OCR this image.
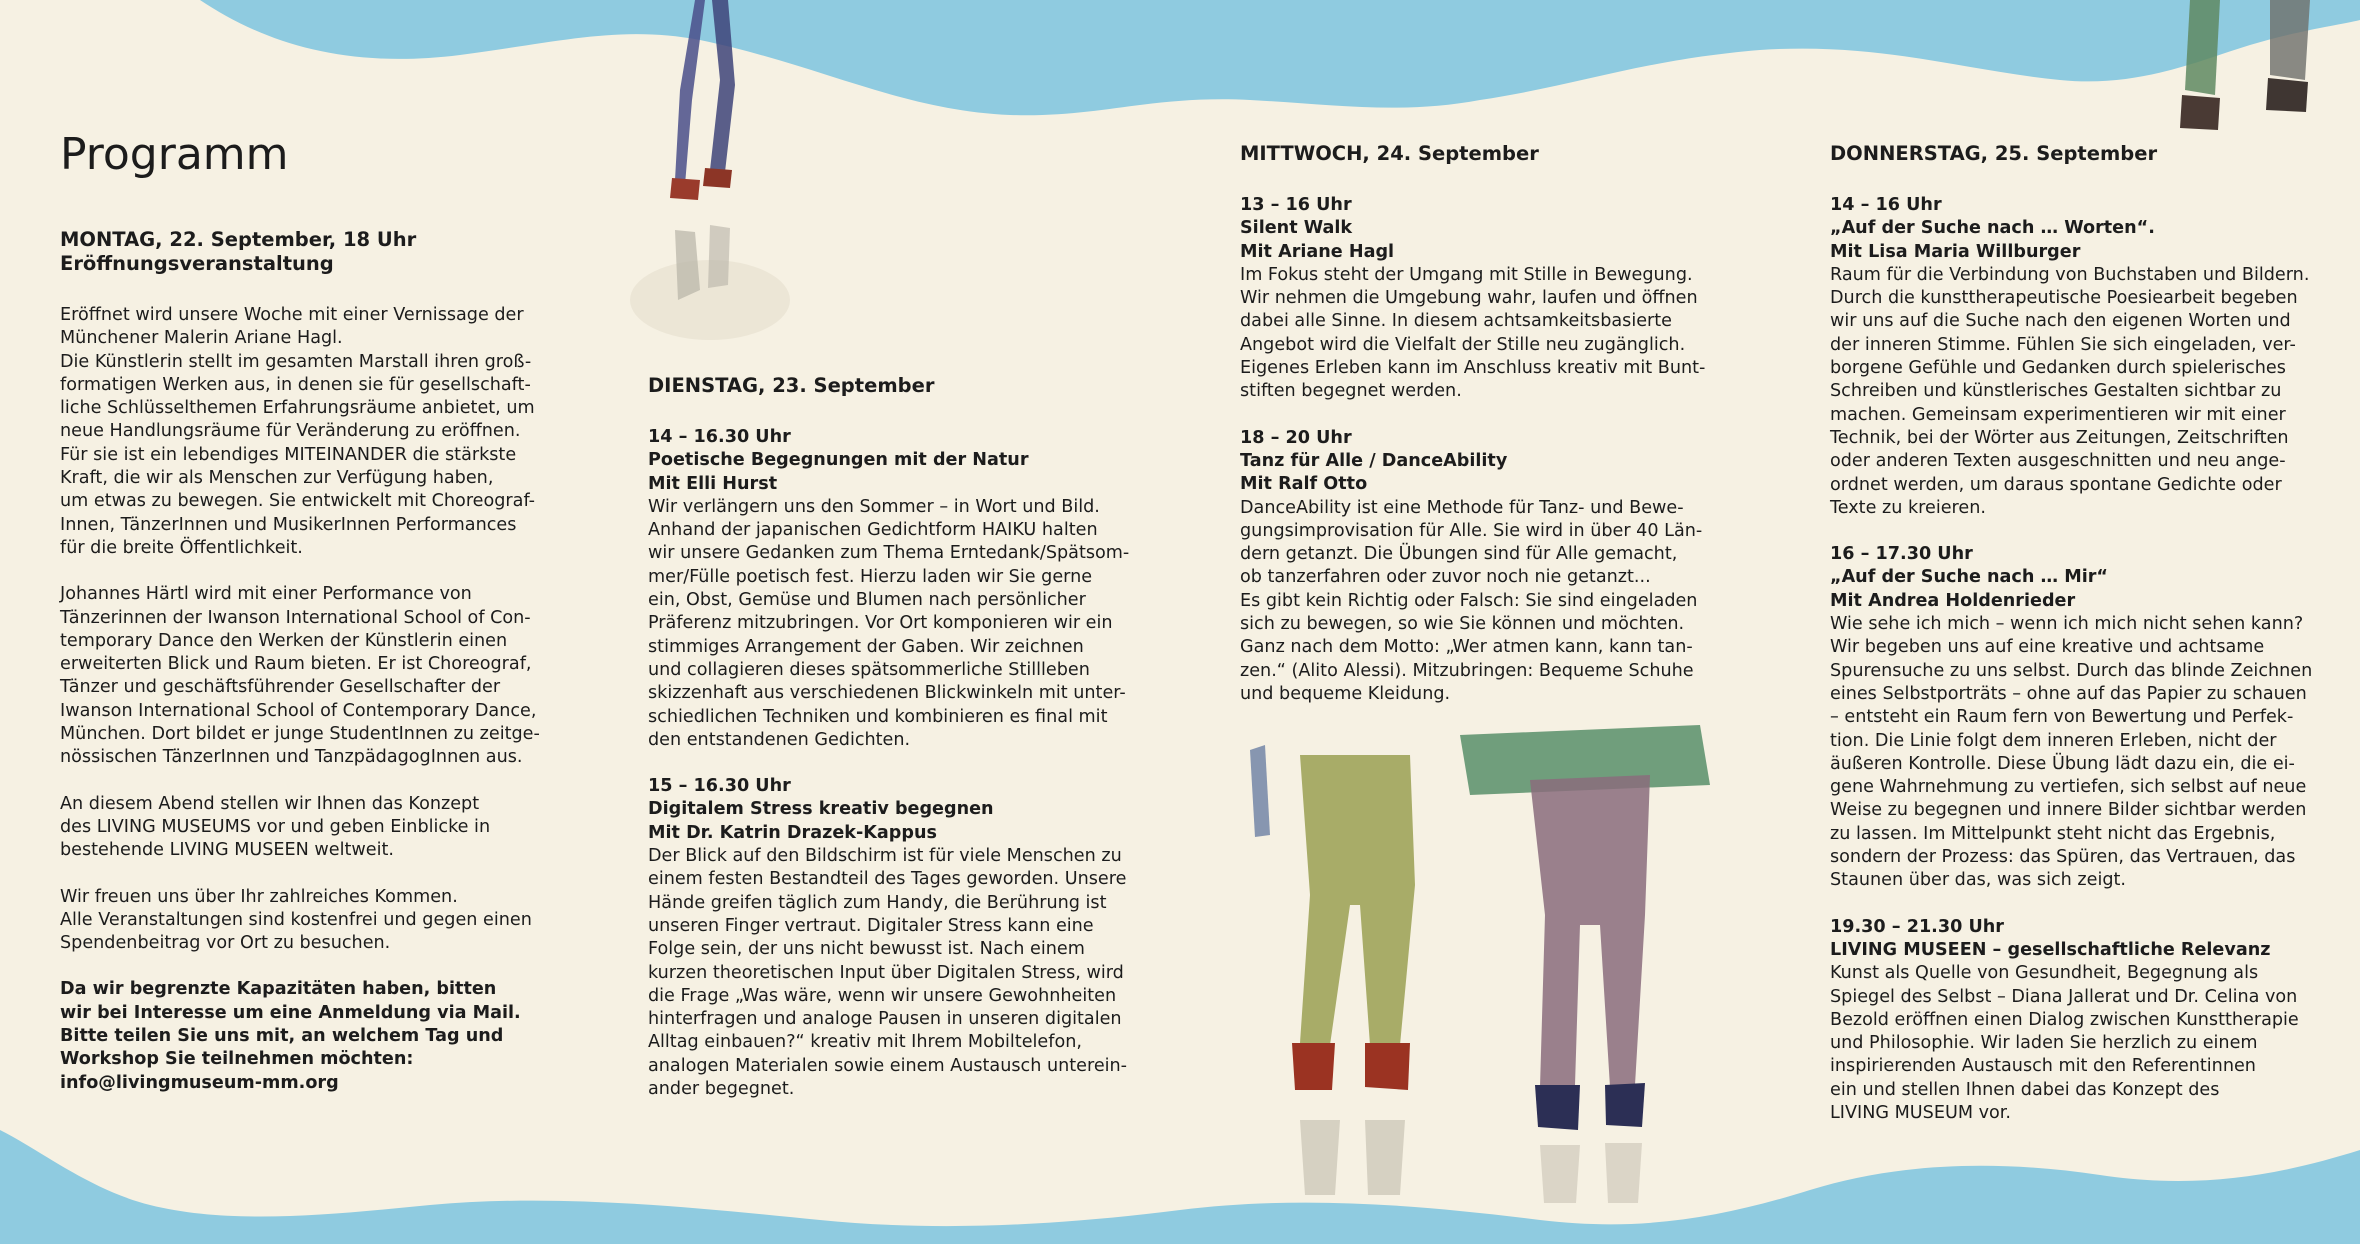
Programm

MONTAG, 22. September, 18 Uhr

Eröffnungsveranstaltung

Eröffnet wird unsere Woche mit einer Vernissage der

Münchener Malerin Ariane Hagl.

Die Künstlerin stellt im gesamten Marstall ihren groß-

formatigen Werken aus, in denen sie für gesellschaft-

liche Schlüsselthemen Erfahrungsräume anbietet, um

neue Handlungsräume für Veränderung zu eröffnen.

Für sie ist ein lebendiges MITEINANDER die stärkste

Kraft, die wir als Menschen zur Verfügung haben,

um etwas zu bewegen. Sie entwickelt mit Choreograf-

Innen, TänzerInnen und MusikerInnen Performances

für die breite Öffentlichkeit.

Johannes Härtl wird mit einer Performance von

Tänzerinnen der Iwanson International School of Con-

temporary Dance den Werken der Künstlerin einen

erweiterten Blick und Raum bieten. Er ist Choreograf,

Tänzer und geschäftsführender Gesellschafter der

Iwanson International School of Contemporary Dance,

München. Dort bildet er junge StudentInnen zu zeitge-

nössischen TänzerInnen und TanzpädagogInnen aus.

An diesem Abend stellen wir Ihnen das Konzept

des LIVING MUSEUMS vor und geben Einblicke in

bestehende LIVING MUSEEN weltweit.

Wir freuen uns über Ihr zahlreiches Kommen.

Alle Veranstaltungen sind kostenfrei und gegen einen

Spendenbeitrag vor Ort zu besuchen.

Da wir begrenzte Kapazitäten haben, bitten

wir bei Interesse um eine Anmeldung via Mail.

Bitte teilen Sie uns mit, an welchem Tag und

Workshop Sie teilnehmen möchten:

info@livingmuseum-mm.org

DIENSTAG, 23. September

14 – 16.30 Uhr

Poetische Begegnungen mit der Natur

Mit Elli Hurst

Wir verlängern uns den Sommer – in Wort und Bild.

Anhand der japanischen Gedichtform HAIKU halten

wir unsere Gedanken zum Thema Erntedank/Spätsom-

mer/Fülle poetisch fest. Hierzu laden wir Sie gerne

ein, Obst, Gemüse und Blumen nach persönlicher

Präferenz mitzubringen. Vor Ort komponieren wir ein

stimmiges Arrangement der Gaben. Wir zeichnen

und collagieren dieses spätsommerliche Stillleben

skizzenhaft aus verschiedenen Blickwinkeln mit unter-

schiedlichen Techniken und kombinieren es final mit

den entstandenen Gedichten.

15 – 16.30 Uhr

Digitalem Stress kreativ begegnen

Mit Dr. Katrin Drazek-Kappus

Der Blick auf den Bildschirm ist für viele Menschen zu

einem festen Bestandteil des Tages geworden. Unsere

Hände greifen täglich zum Handy, die Berührung ist

unseren Finger vertraut. Digitaler Stress kann eine

Folge sein, der uns nicht bewusst ist. Nach einem

kurzen theoretischen Input über Digitalen Stress, wird

die Frage „Was wäre, wenn wir unsere Gewohnheiten

hinterfragen und analoge Pausen in unseren digitalen

Alltag einbauen?“ kreativ mit Ihrem Mobiltelefon,

analogen Materialen sowie einem Austausch unterein-

ander begegnet.

MITTWOCH, 24. September

13 – 16 Uhr

Silent Walk

Mit Ariane Hagl

Im Fokus steht der Umgang mit Stille in Bewegung.

Wir nehmen die Umgebung wahr, laufen und öffnen

dabei alle Sinne. In diesem achtsamkeitsbasierte

Angebot wird die Vielfalt der Stille neu zugänglich.

Eigenes Erleben kann im Anschluss kreativ mit Bunt-

stiften begegnet werden.

18 – 20 Uhr

Tanz für Alle / DanceAbility

Mit Ralf Otto

DanceAbility ist eine Methode für Tanz- und Bewe-

gungsimprovisation für Alle. Sie wird in über 40 Län-

dern getanzt. Die Übungen sind für Alle gemacht,

ob tanzerfahren oder zuvor noch nie getanzt...

Es gibt kein Richtig oder Falsch: Sie sind eingeladen

sich zu bewegen, so wie Sie können und möchten.

Ganz nach dem Motto: „Wer atmen kann, kann tan-

zen.“ (Alito Alessi). Mitzubringen: Bequeme Schuhe

und bequeme Kleidung.

DONNERSTAG, 25. September

14 – 16 Uhr

„Auf der Suche nach … Worten“.

Mit Lisa Maria Willburger

Raum für die Verbindung von Buchstaben und Bildern.

Durch die kunsttherapeutische Poesiearbeit begeben

wir uns auf die Suche nach den eigenen Worten und

der inneren Stimme. Fühlen Sie sich eingeladen, ver-

borgene Gefühle und Gedanken durch spielerisches

Schreiben und künstlerisches Gestalten sichtbar zu

machen. Gemeinsam experimentieren wir mit einer

Technik, bei der Wörter aus Zeitungen, Zeitschriften

oder anderen Texten ausgeschnitten und neu ange-

ordnet werden, um daraus spontane Gedichte oder

Texte zu kreieren.

16 – 17.30 Uhr

„Auf der Suche nach … Mir“

Mit Andrea Holdenrieder

Wie sehe ich mich – wenn ich mich nicht sehen kann?

Wir begeben uns auf eine kreative und achtsame

Spurensuche zu uns selbst. Durch das blinde Zeichnen

eines Selbstporträts – ohne auf das Papier zu schauen

– entsteht ein Raum fern von Bewertung und Perfek-

tion. Die Linie folgt dem inneren Erleben, nicht der

äußeren Kontrolle. Diese Übung lädt dazu ein, die ei-

gene Wahrnehmung zu vertiefen, sich selbst auf neue

Weise zu begegnen und innere Bilder sichtbar werden

zu lassen. Im Mittelpunkt steht nicht das Ergebnis,

sondern der Prozess: das Spüren, das Vertrauen, das

Staunen über das, was sich zeigt.

19.30 – 21.30 Uhr

LIVING MUSEEN – gesellschaftliche Relevanz

Kunst als Quelle von Gesundheit, Begegnung als

Spiegel des Selbst – Diana Jallerat und Dr. Celina von

Bezold eröffnen einen Dialog zwischen Kunsttherapie

und Philosophie. Wir laden Sie herzlich zu einem

inspirierenden Austausch mit den Referentinnen

ein und stellen Ihnen dabei das Konzept des

LIVING MUSEUM vor.
